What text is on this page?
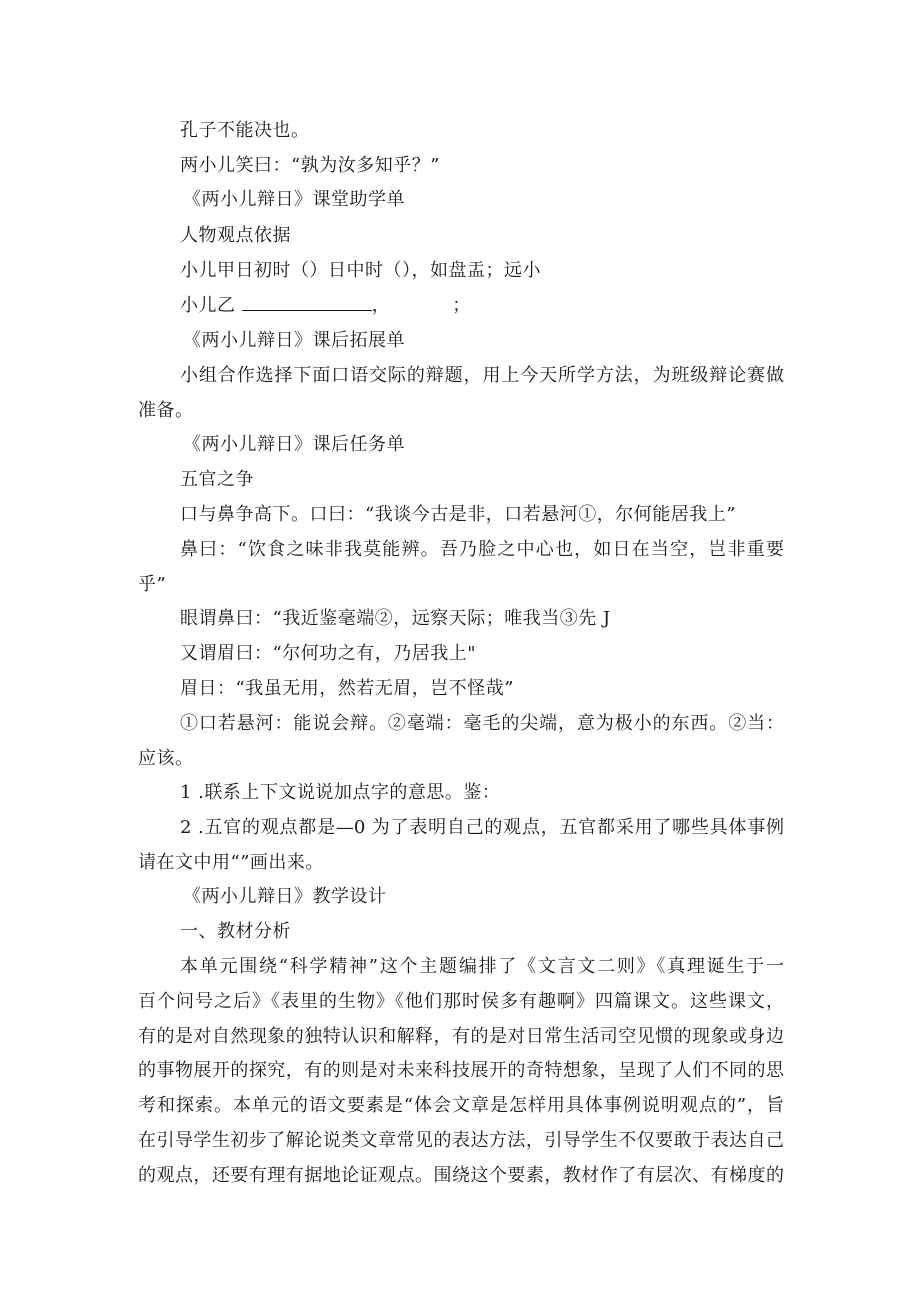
孔子不能决也。
两小儿笑曰：“孰为汝多知乎？”
《两小儿辩日》课堂助学单
人物观点依据
小儿甲日初时（）日中时（），如盘盂；远小
小儿乙	，	；
《两小儿辩日》课后拓展单
小组合作选择下面口语交际的辩题，用上今天所学方法，为班级辩论赛做
准备。
《两小儿辩日》课后任务单
五官之争
口与鼻争高下。口曰：“我谈今古是非，口若悬河①，尔何能居我上”
鼻曰：“饮食之味非我莫能辨。吾乃脸之中心也，如日在当空，岂非重要
乎”
眼谓鼻曰：“我近鉴毫端②，远察天际；唯我当③先 J
又谓眉曰：“尔何功之有，乃居我上"
眉日：“我虽无用，然若无眉，岂不怪哉”
①口若悬河：能说会辩。②毫端：毫毛的尖端，意为极小的东西。②当：
应该。
1 .联系上下文说说加点字的意思。鉴：
2 .五官的观点都是—0 为了表明自己的观点，五官都采用了哪些具体事例
请在文中用“”画出来。
《两小儿辩日》教学设计
一、教材分析
本单元围绕“科学精神”这个主题编排了《文言文二则》《真理诞生于一
百个问号之后》《表里的生物》《他们那时侯多有趣啊》四篇课文。这些课文，
有的是对自然现象的独特认识和解释，有的是对日常生活司空见惯的现象或身边
的事物展开的探究，有的则是对未来科技展开的奇特想象，呈现了人们不同的思
考和探索。本单元的语文要素是“体会文章是怎样用具体事例说明观点的”，旨
在引导学生初步了解论说类文章常见的表达方法，引导学生不仅要敢于表达自己
的观点，还要有理有据地论证观点。围绕这个要素，教材作了有层次、有梯度的
